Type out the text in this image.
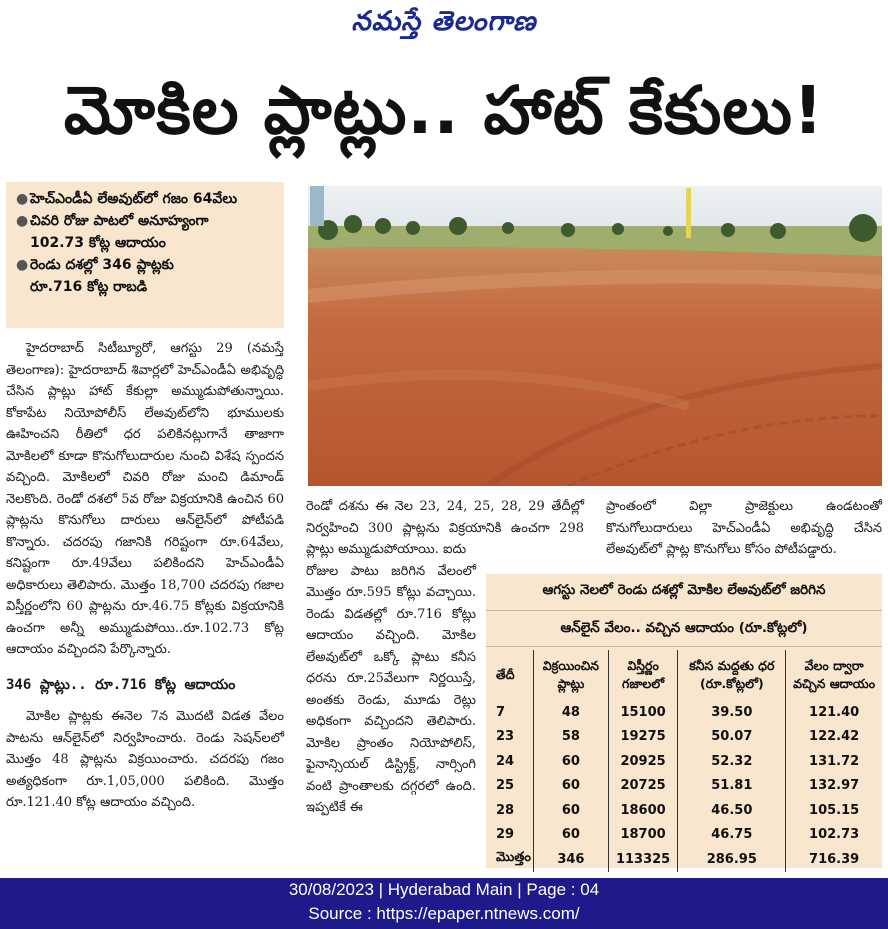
నమస్తే తెలంగాణ
మోకిల ప్లాట్లు.. హాట్ కేకులు!

● హెచ్‌ఎండీఏ లేఅవుట్‌లో గజం 64వేలు

● చివరి రోజు పాటలో అనూహ్యంగా

102.73 కోట్ల ఆదాయం

● రెండు దశల్లో 346 ప్లాట్లకు

రూ.716 కోట్ల రాబడి

హైదరాబాద్ సిటీబ్యూరో, ఆగస్టు 29 (నమస్తే తెలంగాణ): హైదరాబాద్ శివార్లలో హెచ్‌ఎండీఏ అభివృద్ధి చేసిన ప్లాట్లు హాట్ కేకుల్లా అమ్ముడుపోతున్నాయి. కోకాపేట నియోపోలీస్ లేఅవుట్‌లోని భూములకు ఊహించని రీతిలో ధర పలికినట్లుగానే తాజాగా మోకిలలో కూడా కొనుగోలుదారుల నుంచి విశేష స్పందన వచ్చింది. మోకిలలో చివరి రోజు మంచి డిమాండ్ నెలకొంది. రెండో దశలో 5వ రోజు విక్రయానికి ఉంచిన 60 ప్లాట్లను కొనుగోలు దారులు ఆన్‌లైన్‌లో పోటీపడి కొన్నారు. చదరపు గజానికి గరిష్టంగా రూ.64వేలు, కనిష్టంగా రూ.49వేలు పలికిందని హెచ్‌ఎండీఏ అధికారులు తెలిపారు. మొత్తం 18,700 చదరపు గజాల విస్తీర్ణంలోని 60 ప్లాట్లను రూ.46.75 కోట్లకు విక్రయానికి ఉంచగా అన్నీ అమ్ముడుపోయి..రూ.102.73 కోట్ల ఆదాయం వచ్చిందని పేర్కొన్నారు.

346 ప్లాట్లు.. రూ.716 కోట్ల ఆదాయం

మోకిల ప్లాట్లకు ఈనెల 7న మొదటి విడత వేలం పాటను ఆన్‌లైన్‌లో నిర్వహించారు. రెండు సెషన్‌లలో మొత్తం 48 ప్లాట్లను విక్రయించారు. చదరపు గజం అత్యధికంగా రూ.1,05,000 పలికింది. మొత్తం రూ.121.40 కోట్ల ఆదాయం వచ్చింది.

రెండో దశను ఈ నెల 23, 24, 25, 28, 29 తేదీల్లో నిర్వహించి 300 ప్లాట్లను విక్రయానికి ఉంచగా 298 ప్లాట్లు అమ్ముడుపోయాయి. ఐదు

రోజుల పాటు జరిగిన వేలంలో మొత్తం రూ.595 కోట్లు వచ్చాయి. రెండు విడతల్లో రూ.716 కోట్లు ఆదాయం వచ్చింది. మోకిల లేఅవుట్‌లో ఒక్కో ప్లాటు కనీస ధరను రూ.25వేలుగా నిర్ణయిస్తే, అంతకు రెండు, మూడు రెట్లు అధికంగా వచ్చిందని తెలిపారు. మోకిల ప్రాంతం నియోపోలిస్, ఫైనాన్సియల్ డిస్ట్రిక్ట్, నార్సింగి వంటి ప్రాంతాలకు దగ్గరలో ఉంది. ఇప్పటికే ఈ

ప్రాంతంలో విల్లా ప్రాజెక్టులు ఉండటంతో కొనుగోలుదారులు హెచ్‌ఎండీఏ అభివృద్ధి చేసిన లేఅవుట్‌లో ప్లాట్ల కొనుగోలు కోసం పోటీపడ్డారు.

ఆగస్టు నెలలో రెండు దశల్లో మోకిల లేఅవుట్‌లో జరిగిన
ఆన్‌లైన్ వేలం.. వచ్చిన ఆదాయం (రూ.కోట్లలో)
తేదీ	విక్రయించిన ప్లాట్లు	విస్తీర్ణం గజాలలో	కనీస మద్దతు ధర (రూ.కోట్లలో)	వేలం ద్వారా వచ్చిన ఆదాయం
7	48	15100	39.50	121.40
23	58	19275	50.07	122.42
24	60	20925	52.32	131.72
25	60	20725	51.81	132.97
28	60	18600	46.50	105.15
29	60	18700	46.75	102.73
మొత్తం	346	113325	286.95	716.39
30/08/2023 | Hyderabad Main | Page : 04
Source : https://epaper.ntnews.com/
